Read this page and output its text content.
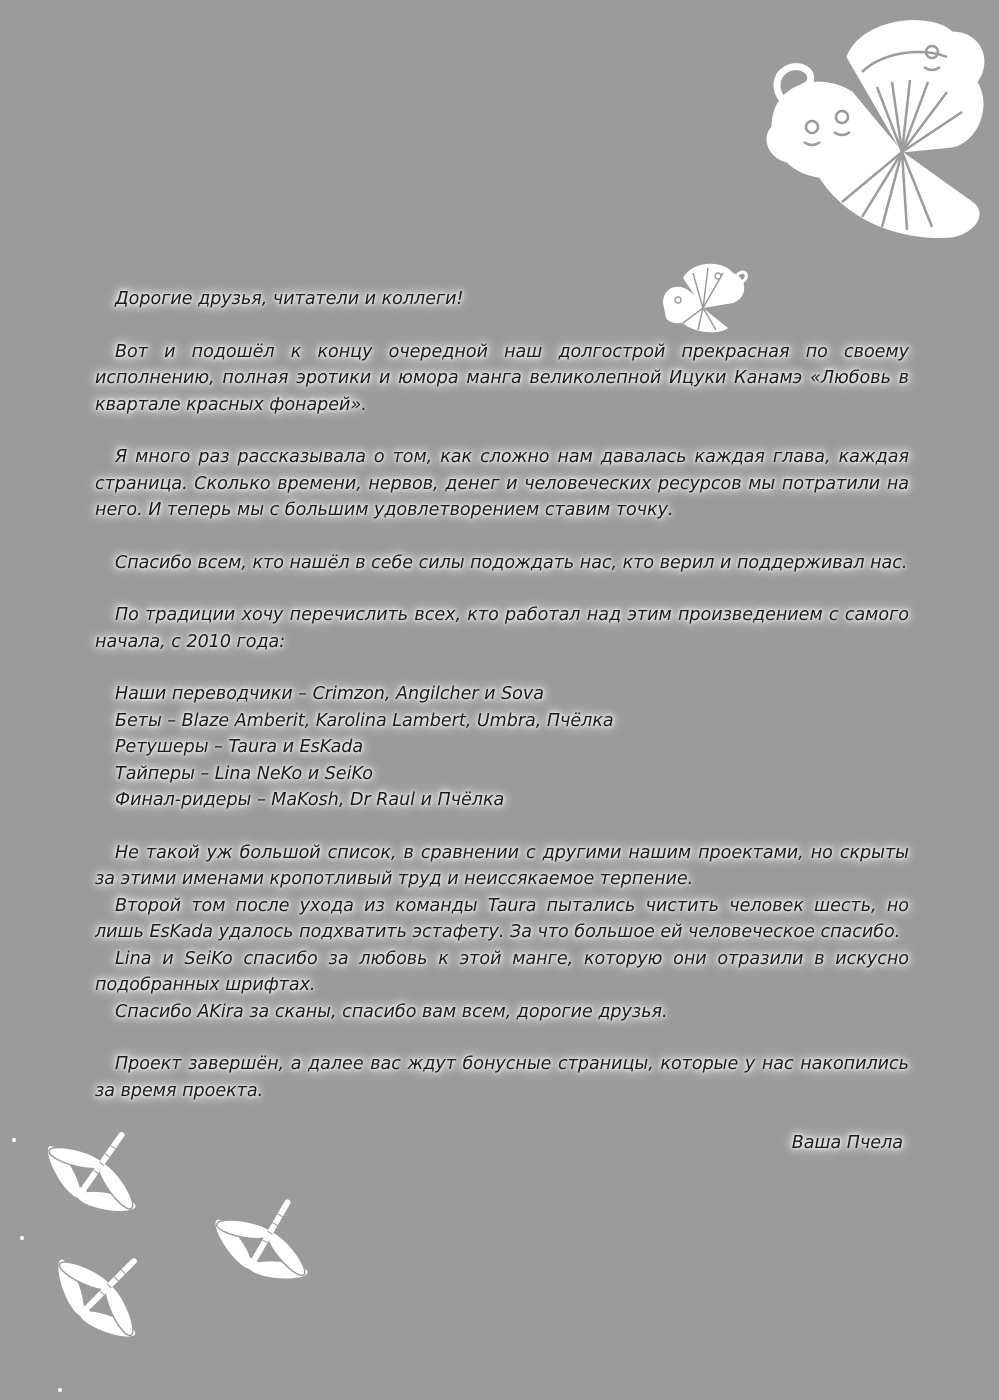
Дорогие друзья, читатели и коллеги!

Вот и подошёл к концу очередной наш долгострой прекрасная по своему исполнению, полная эротики и юмора манга великолепной Ицуки Канамэ «Любовь в квартале красных фонарей».

Я много раз рассказывала о том, как сложно нам давалась каждая глава, каждая страница. Сколько времени, нервов, денег и человеческих ресурсов мы потратили на него. И теперь мы с большим удовлетворением ставим точку.

Спасибо всем, кто нашёл в себе силы подождать нас, кто верил и поддерживал нас.

По традиции хочу перечислить всех, кто работал над этим произведением с самого начала, с 2010 года:

Наши переводчики – Crimzon, Angilcher и Sova

Беты – Blaze Amberit, Karolina Lambert, Umbra, Пчёлка

Ретушеры – Taura и EsKada

Тайперы – Lina NeKo и SeiKo

Финал-ридеры – MaKosh, Dr Raul и Пчёлка

Не такой уж большой список, в сравнении с другими нашим проектами, но скрыты за этими именами кропотливый труд и неиссякаемое терпение.

Второй том после ухода из команды Taura пытались чистить человек шесть, но лишь EsKada удалось подхватить эстафету. За что большое ей человеческое спасибо.

Lina и SeiKo спасибо за любовь к этой манге, которую они отразили в искусно подобранных шрифтах.

Спасибо AKira за сканы, спасибо вам всем, дорогие друзья.

Проект завершён, а далее вас ждут бонусные страницы, которые у нас накопились за время проекта.

Ваша Пчела
